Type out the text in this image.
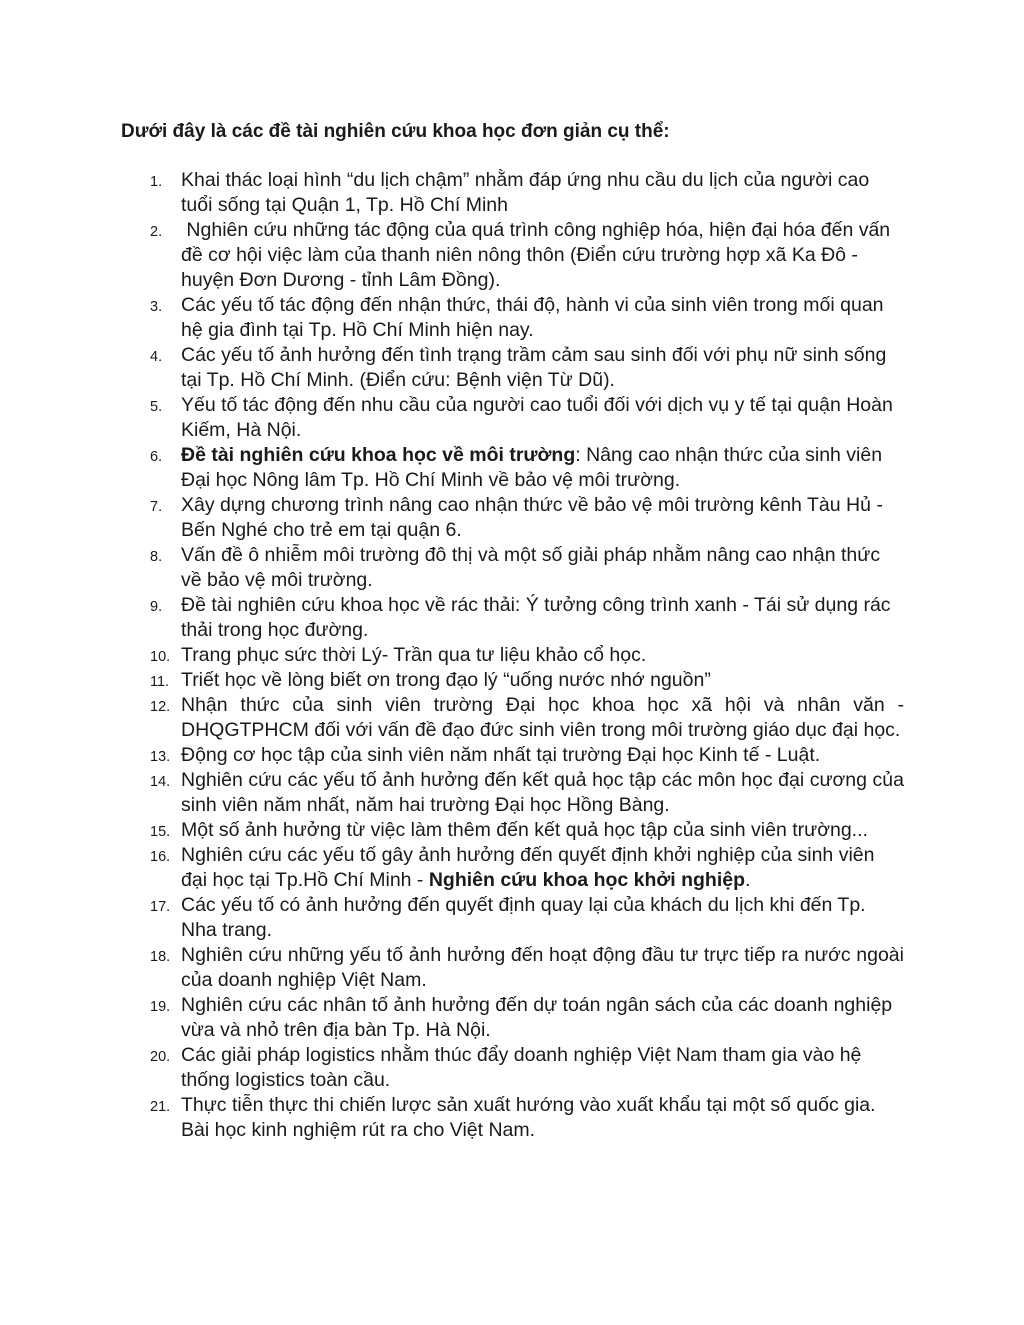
Dưới đây là các đề tài nghiên cứu khoa học đơn giản cụ thể:
1. Khai thác loại hình “du lịch chậm” nhằm đáp ứng nhu cầu du lịch của người cao tuổi sống tại Quận 1, Tp. Hồ Chí Minh
2. Nghiên cứu những tác động của quá trình công nghiệp hóa, hiện đại hóa đến vấn đề cơ hội việc làm của thanh niên nông thôn (Điển cứu trường hợp xã Ka Đô - huyện Đơn Dương - tỉnh Lâm Đồng).
3. Các yếu tố tác động đến nhận thức, thái độ, hành vi của sinh viên trong mối quan hệ gia đình tại Tp. Hồ Chí Minh hiện nay.
4. Các yếu tố ảnh hưởng đến tình trạng trầm cảm sau sinh đối với phụ nữ sinh sống tại Tp. Hồ Chí Minh. (Điển cứu: Bệnh viện Từ Dũ).
5. Yếu tố tác động đến nhu cầu của người cao tuổi đối với dịch vụ y tế tại quận Hoàn Kiếm, Hà Nội.
6. Đề tài nghiên cứu khoa học về môi trường: Nâng cao nhận thức của sinh viên Đại học Nông lâm Tp. Hồ Chí Minh về bảo vệ môi trường.
7. Xây dựng chương trình nâng cao nhận thức về bảo vệ môi trường kênh Tàu Hủ - Bến Nghé cho trẻ em tại quận 6.
8. Vấn đề ô nhiễm môi trường đô thị và một số giải pháp nhằm nâng cao nhận thức về bảo vệ môi trường.
9. Đề tài nghiên cứu khoa học về rác thải: Ý tưởng công trình xanh - Tái sử dụng rác thải trong học đường.
10. Trang phục sức thời Lý- Trần qua tư liệu khảo cổ học.
11. Triết học về lòng biết ơn trong đạo lý “uống nước nhớ nguồn”
12. Nhận thức của sinh viên trường Đại học khoa học xã hội và nhân văn - DHQGTPHCM đối với vấn đề đạo đức sinh viên trong môi trường giáo dục đại học.
13. Động cơ học tập của sinh viên năm nhất tại trường Đại học Kinh tế - Luật.
14. Nghiên cứu các yếu tố ảnh hưởng đến kết quả học tập các môn học đại cương của sinh viên năm nhất, năm hai trường Đại học Hồng Bàng.
15. Một số ảnh hưởng từ việc làm thêm đến kết quả học tập của sinh viên trường...
16. Nghiên cứu các yếu tố gây ảnh hưởng đến quyết định khởi nghiệp của sinh viên đại học tại Tp.Hồ Chí Minh - Nghiên cứu khoa học khởi nghiệp.
17. Các yếu tố có ảnh hưởng đến quyết định quay lại của khách du lịch khi đến Tp. Nha trang.
18. Nghiên cứu những yếu tố ảnh hưởng đến hoạt động đầu tư trực tiếp ra nước ngoài của doanh nghiệp Việt Nam.
19. Nghiên cứu các nhân tố ảnh hưởng đến dự toán ngân sách của các doanh nghiệp vừa và nhỏ trên địa bàn Tp. Hà Nội.
20. Các giải pháp logistics nhằm thúc đẩy doanh nghiệp Việt Nam tham gia vào hệ thống logistics toàn cầu.
21. Thực tiễn thực thi chiến lược sản xuất hướng vào xuất khẩu tại một số quốc gia. Bài học kinh nghiệm rút ra cho Việt Nam.
